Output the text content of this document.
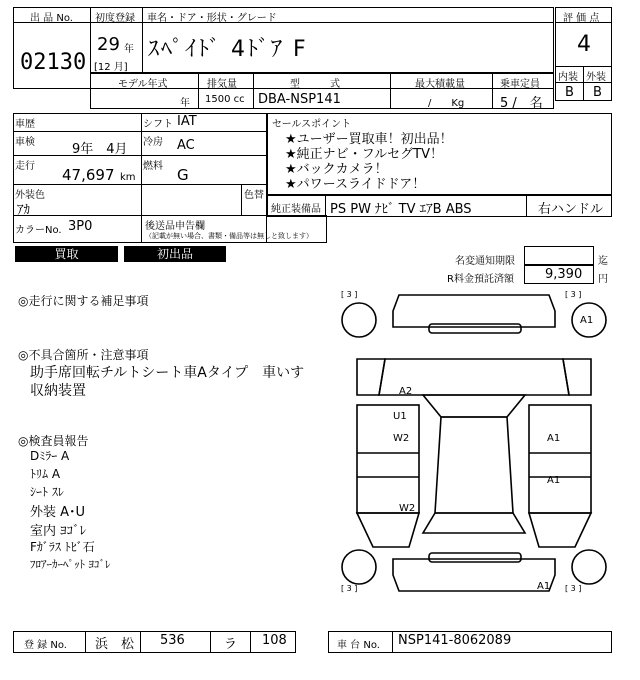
出 品 No.
02130
初度登録 車名・ドア・形状・グレード
29 年
[12 月]
ｽﾍﾟｲﾄﾞ 4ﾄﾞｱ F
評 価 点
4
内装 外装
B B
モデル年式	排気量	型　　　式	最大積載量	乗車定員
年 1500 cc DBA-NSP141	/　　Kg	5 /　名
車歴	シフト IAT
車検	9年　4月 冷房 AC
走行 47,697 km
燃料 G
外装色
ｱｶ
色替
カラーNo. 3P0	後送品申告欄
（記載が無い場合、書類・備品等は無しと致します）
セールスポイント
★ユーザー買取車！初出品！
★純正ナビ・フルセグTV！
★バックカメラ！
★パワースライドドア！
純正装備品 PS PW ﾅﾋﾞ TV ｴｱB ABS	右ハンドル
買取	初出品
名変通知期限	迄
R料金預託済額 9,390 円
◎走行に関する補足事項
◎不具合箇所・注意事項
助手席回転チルトシート車Aタイプ　車いす
収納装置
◎検査員報告
Dﾐﾗｰ A
ﾄﾘﾑ A
ｼｰﾄ ｽﾚ
外装 A･U
室内 ﾖｺﾞﾚ
Fｶﾞﾗｽ ﾄﾋﾞ石
ﾌﾛｱｰｶｰﾍﾟｯﾄ ﾖｺﾞﾚ
[ 3 ]	[ 3 ]
[ 3 ]	[ 3 ]
A1
A2
U1
W2	A1
A1
W2
A1
登 録 No. 浜　松 536	ラ 108	車 台 No. NSP141-8062089
